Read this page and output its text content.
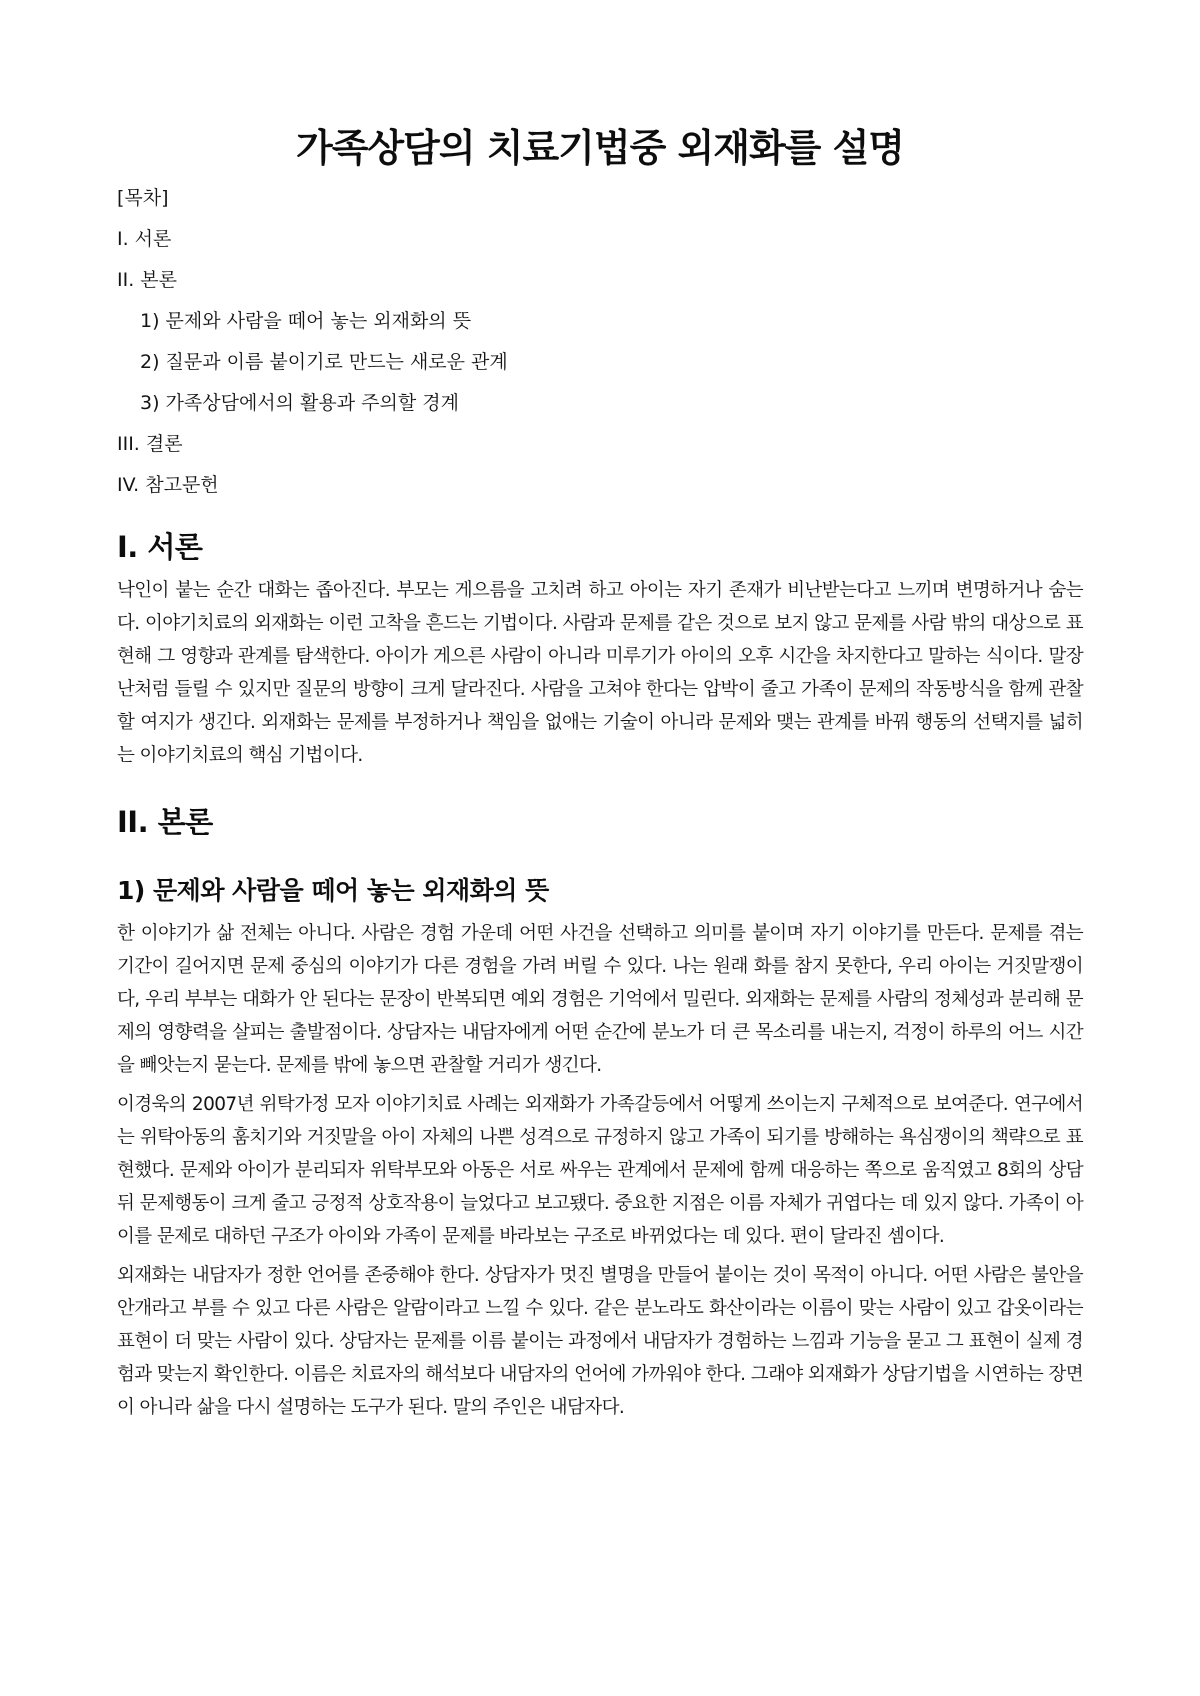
가족상담의 치료기법중 외재화를 설명
[목차]
I. 서론
II. 본론
1) 문제와 사람을 떼어 놓는 외재화의 뜻
2) 질문과 이름 붙이기로 만드는 새로운 관계
3) 가족상담에서의 활용과 주의할 경계
III. 결론
IV. 참고문헌
I. 서론

낙인이 붙는 순간 대화는 좁아진다. 부모는 게으름을 고치려 하고 아이는 자기 존재가 비난받는다고 느끼며 변명하거나 숨는다. 이야기치료의 외재화는 이런 고착을 흔드는 기법이다. 사람과 문제를 같은 것으로 보지 않고 문제를 사람 밖의 대상으로 표현해 그 영향과 관계를 탐색한다. 아이가 게으른 사람이 아니라 미루기가 아이의 오후 시간을 차지한다고 말하는 식이다. 말장난처럼 들릴 수 있지만 질문의 방향이 크게 달라진다. 사람을 고쳐야 한다는 압박이 줄고 가족이 문제의 작동방식을 함께 관찰할 여지가 생긴다. 외재화는 문제를 부정하거나 책임을 없애는 기술이 아니라 문제와 맺는 관계를 바꿔 행동의 선택지를 넓히는 이야기치료의 핵심 기법이다.

II. 본론
1) 문제와 사람을 떼어 놓는 외재화의 뜻

한 이야기가 삶 전체는 아니다. 사람은 경험 가운데 어떤 사건을 선택하고 의미를 붙이며 자기 이야기를 만든다. 문제를 겪는 기간이 길어지면 문제 중심의 이야기가 다른 경험을 가려 버릴 수 있다. 나는 원래 화를 참지 못한다, 우리 아이는 거짓말쟁이다, 우리 부부는 대화가 안 된다는 문장이 반복되면 예외 경험은 기억에서 밀린다. 외재화는 문제를 사람의 정체성과 분리해 문제의 영향력을 살피는 출발점이다. 상담자는 내담자에게 어떤 순간에 분노가 더 큰 목소리를 내는지, 걱정이 하루의 어느 시간을 빼앗는지 묻는다. 문제를 밖에 놓으면 관찰할 거리가 생긴다.

이경욱의 2007년 위탁가정 모자 이야기치료 사례는 외재화가 가족갈등에서 어떻게 쓰이는지 구체적으로 보여준다. 연구에서는 위탁아동의 훔치기와 거짓말을 아이 자체의 나쁜 성격으로 규정하지 않고 가족이 되기를 방해하는 욕심쟁이의 책략으로 표현했다. 문제와 아이가 분리되자 위탁부모와 아동은 서로 싸우는 관계에서 문제에 함께 대응하는 쪽으로 움직였고 8회의 상담 뒤 문제행동이 크게 줄고 긍정적 상호작용이 늘었다고 보고됐다. 중요한 지점은 이름 자체가 귀엽다는 데 있지 않다. 가족이 아이를 문제로 대하던 구조가 아이와 가족이 문제를 바라보는 구조로 바뀌었다는 데 있다. 편이 달라진 셈이다.

외재화는 내담자가 정한 언어를 존중해야 한다. 상담자가 멋진 별명을 만들어 붙이는 것이 목적이 아니다. 어떤 사람은 불안을 안개라고 부를 수 있고 다른 사람은 알람이라고 느낄 수 있다. 같은 분노라도 화산이라는 이름이 맞는 사람이 있고 갑옷이라는 표현이 더 맞는 사람이 있다. 상담자는 문제를 이름 붙이는 과정에서 내담자가 경험하는 느낌과 기능을 묻고 그 표현이 실제 경험과 맞는지 확인한다. 이름은 치료자의 해석보다 내담자의 언어에 가까워야 한다. 그래야 외재화가 상담기법을 시연하는 장면이 아니라 삶을 다시 설명하는 도구가 된다. 말의 주인은 내담자다.
